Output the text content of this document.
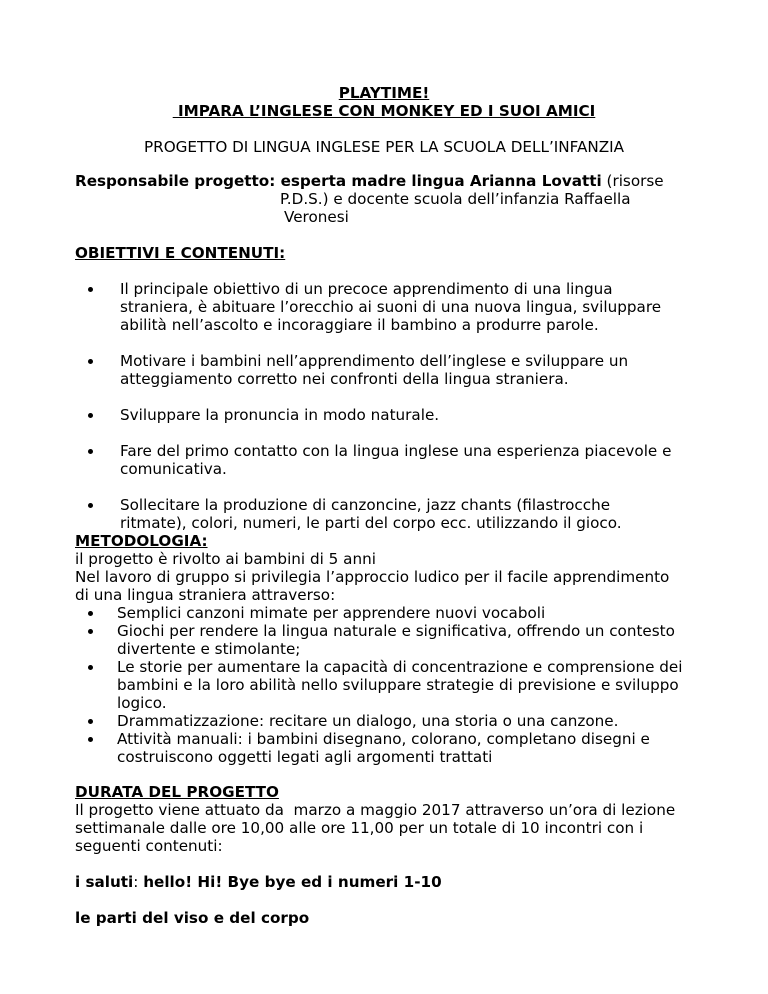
PLAYTIME!
IMPARA L’INGLESE CON MONKEY ED I SUOI AMICI
PROGETTO DI LINGUA INGLESE PER LA SCUOLA DELL’INFANZIA
Responsabile progetto: esperta madre lingua Arianna Lovatti (risorse
P.D.S.) e docente scuola dell’infanzia Raffaella
Veronesi
OBIETTIVI E CONTENUTI:
Il principale obiettivo di un precoce apprendimento di una lingua
straniera, è abituare l’orecchio ai suoni di una nuova lingua, sviluppare
abilità nell’ascolto e incoraggiare il bambino a produrre parole.
Motivare i bambini nell’apprendimento dell’inglese e sviluppare un
atteggiamento corretto nei confronti della lingua straniera.
Sviluppare la pronuncia in modo naturale.
Fare del primo contatto con la lingua inglese una esperienza piacevole e
comunicativa.
Sollecitare la produzione di canzoncine, jazz chants (filastrocche
ritmate), colori, numeri, le parti del corpo ecc. utilizzando il gioco.
METODOLOGIA:
il progetto è rivolto ai bambini di 5 anni
Nel lavoro di gruppo si privilegia l’approccio ludico per il facile apprendimento
di una lingua straniera attraverso:
Semplici canzoni mimate per apprendere nuovi vocaboli
Giochi per rendere la lingua naturale e significativa, offrendo un contesto
divertente e stimolante;
Le storie per aumentare la capacità di concentrazione e comprensione dei
bambini e la loro abilità nello sviluppare strategie di previsione e sviluppo
logico.
Drammatizzazione: recitare un dialogo, una storia o una canzone.
Attività manuali: i bambini disegnano, colorano, completano disegni e
costruiscono oggetti legati agli argomenti trattati
DURATA DEL PROGETTO
Il progetto viene attuato da  marzo a maggio 2017 attraverso un’ora di lezione
settimanale dalle ore 10,00 alle ore 11,00 per un totale di 10 incontri con i
seguenti contenuti:
i saluti: hello! Hi! Bye bye ed i numeri 1-10
le parti del viso e del corpo
